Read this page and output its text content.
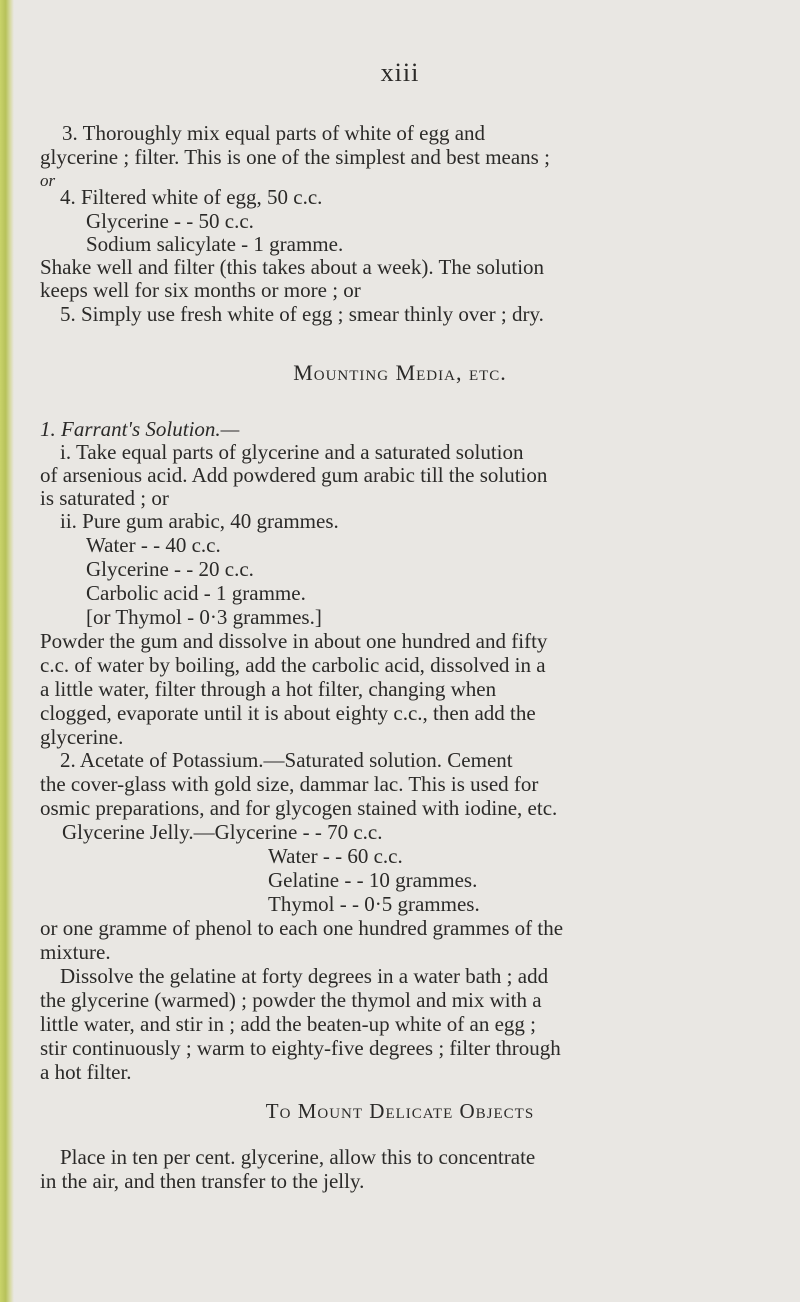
xiii
3. Thoroughly mix equal parts of white of egg and
glycerine ; filter. This is one of the simplest and best means ;
or
4. Filtered white of egg, 50 c.c.
Glycerine - - 50 c.c.
Sodium salicylate - 1 gramme.
Shake well and filter (this takes about a week). The solution
keeps well for six months or more ; or
5. Simply use fresh white of egg ; smear thinly over ; dry.
Mounting Media, etc.
1. Farrant's Solution.—
i. Take equal parts of glycerine and a saturated solution
of arsenious acid. Add powdered gum arabic till the solution
is saturated ; or
ii. Pure gum arabic, 40 grammes.
Water - - 40 c.c.
Glycerine - - 20 c.c.
Carbolic acid - 1 gramme.
[or Thymol - 0·3 grammes.]
Powder the gum and dissolve in about one hundred and fifty
c.c. of water by boiling, add the carbolic acid, dissolved in a
a little water, filter through a hot filter, changing when
clogged, evaporate until it is about eighty c.c., then add the
glycerine.
2. Acetate of Potassium.—Saturated solution. Cement
the cover-glass with gold size, dammar lac. This is used for
osmic preparations, and for glycogen stained with iodine, etc.
Glycerine Jelly.—Glycerine - - 70 c.c.
Water - - 60 c.c.
Gelatine - - 10 grammes.
Thymol - - 0·5 grammes.
or one gramme of phenol to each one hundred grammes of the
mixture.
Dissolve the gelatine at forty degrees in a water bath ; add
the glycerine (warmed) ; powder the thymol and mix with a
little water, and stir in ; add the beaten-up white of an egg ;
stir continuously ; warm to eighty-five degrees ; filter through
a hot filter.
To Mount Delicate Objects
Place in ten per cent. glycerine, allow this to concentrate
in the air, and then transfer to the jelly.
